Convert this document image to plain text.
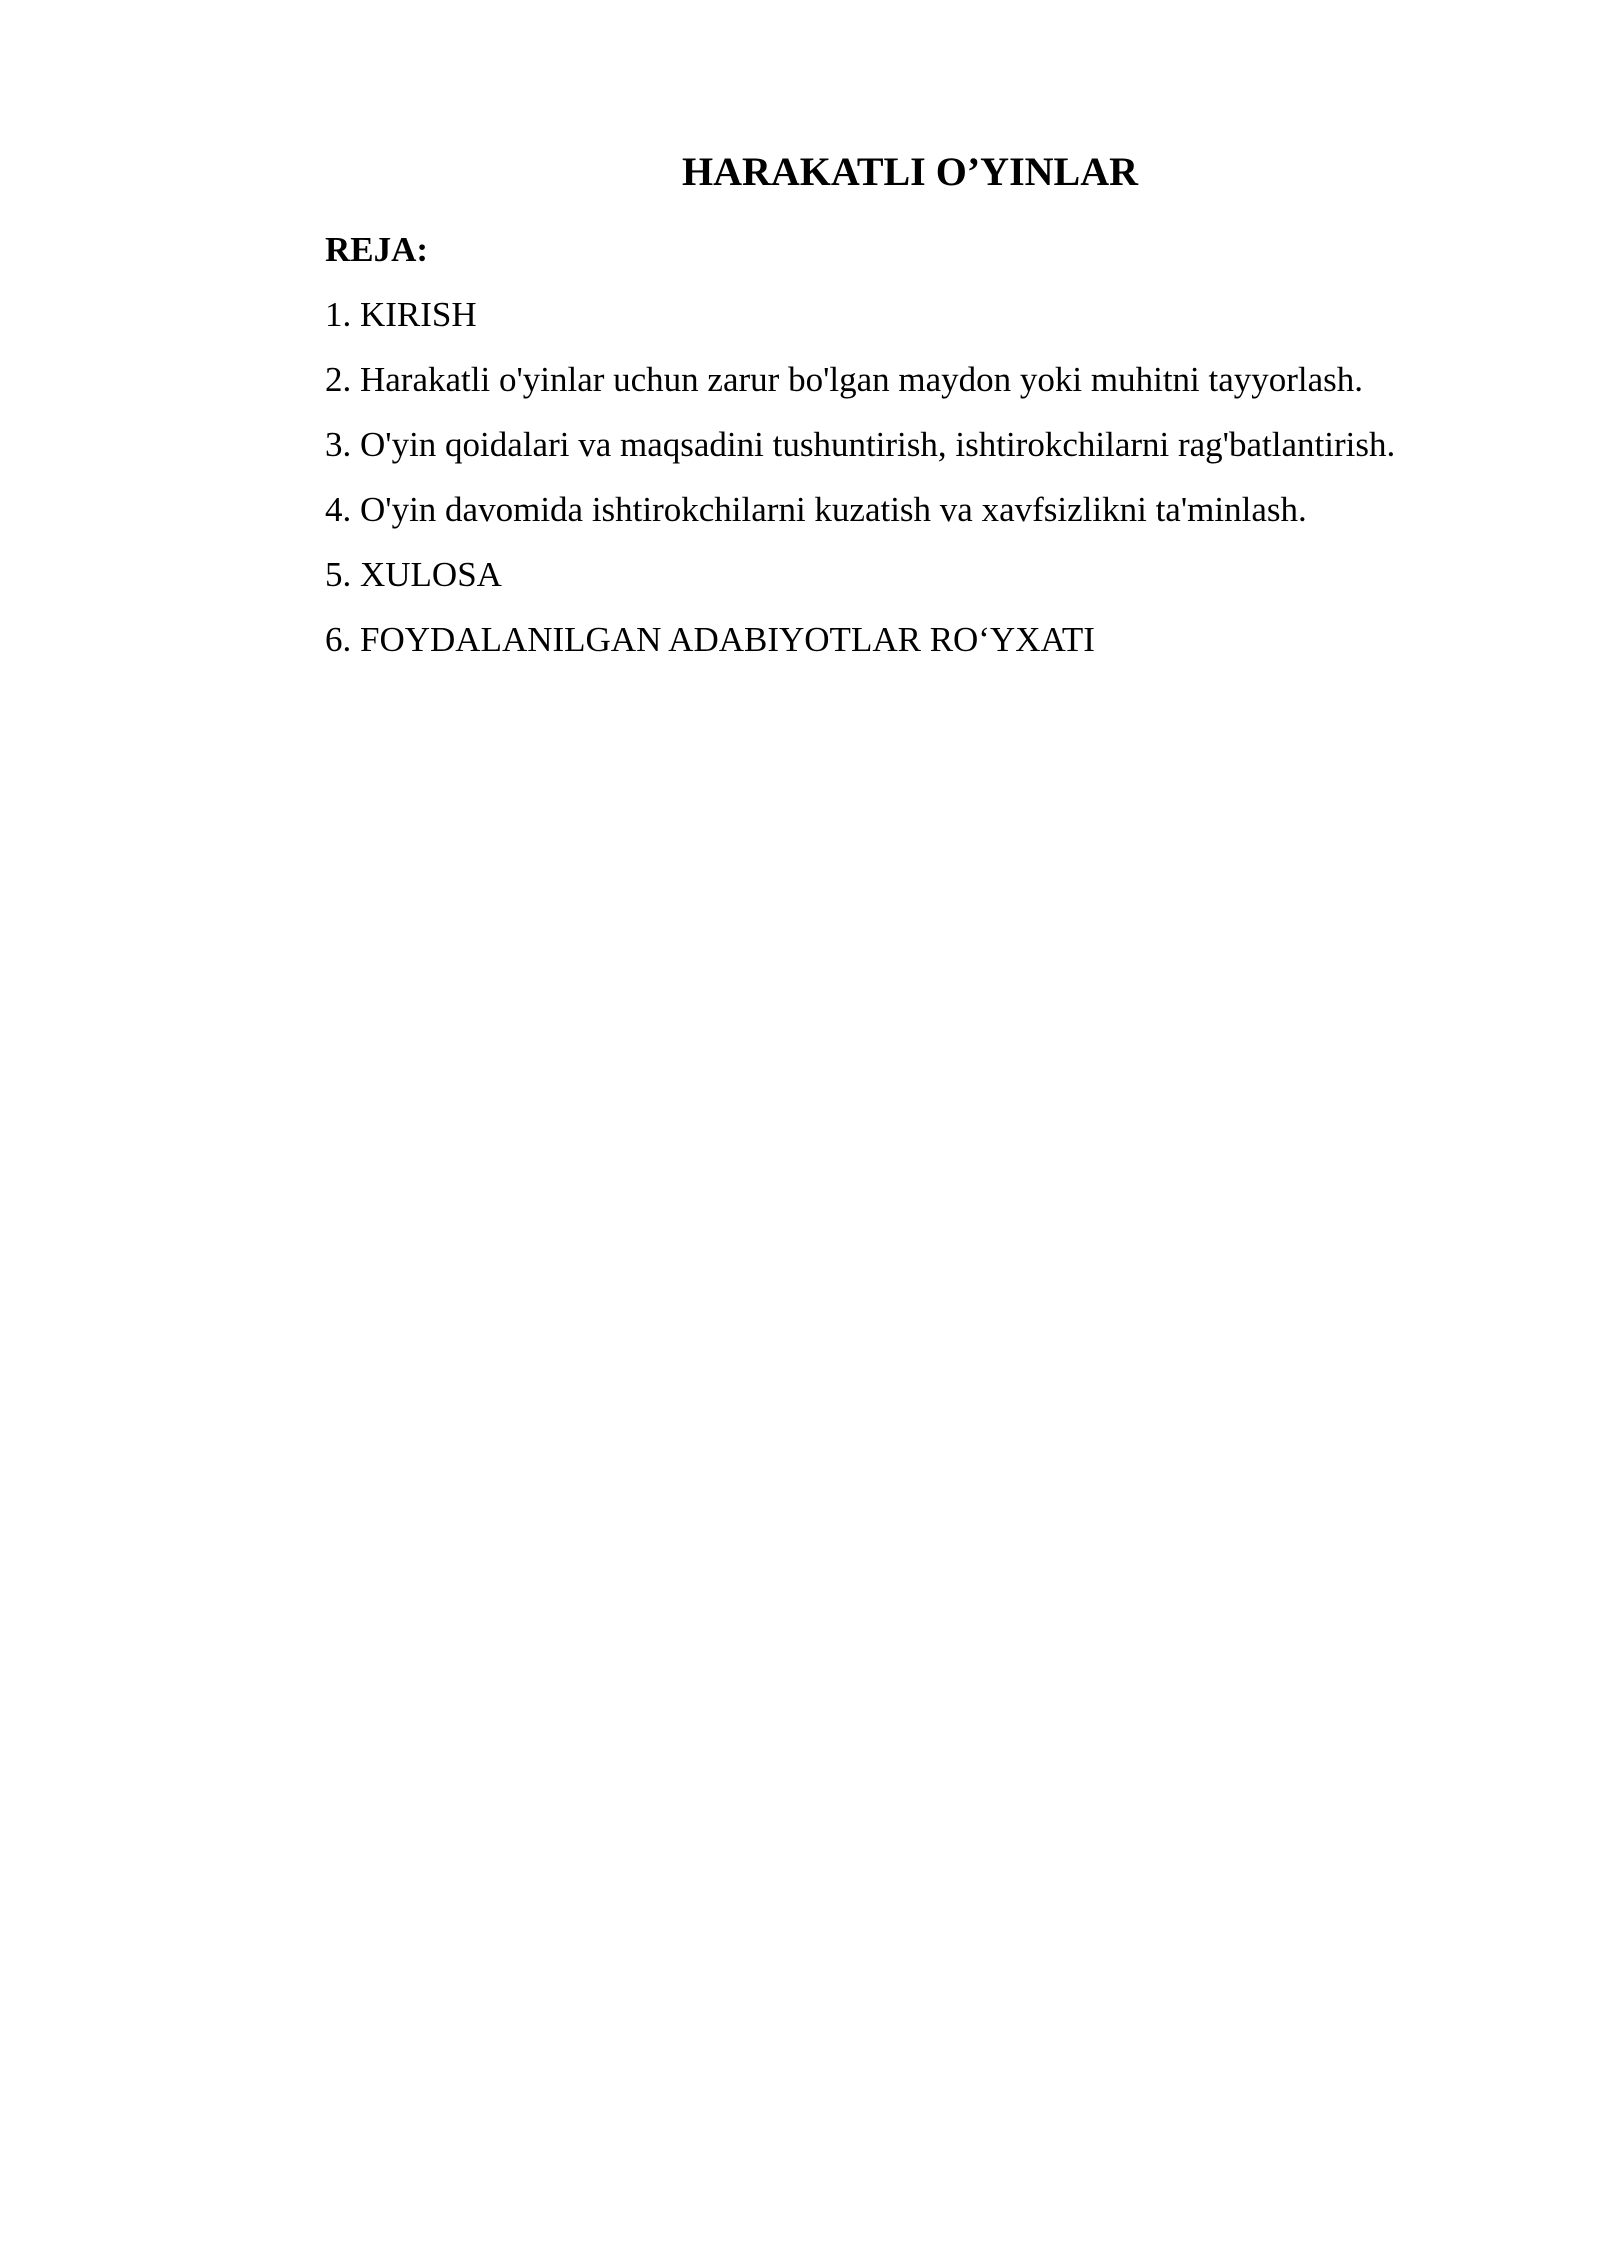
HARAKATLI O’YINLAR
REJA:
1. KIRISH
2. Harakatli o'yinlar uchun zarur bo'lgan maydon yoki muhitni tayyorlash.
3. O'yin qoidalari va maqsadini tushuntirish, ishtirokchilarni rag'batlantirish.
4. O'yin davomida ishtirokchilarni kuzatish va xavfsizlikni ta'minlash.
5. XULOSA
6. FOYDALANILGAN ADABIYOTLAR RO‘YXATI
